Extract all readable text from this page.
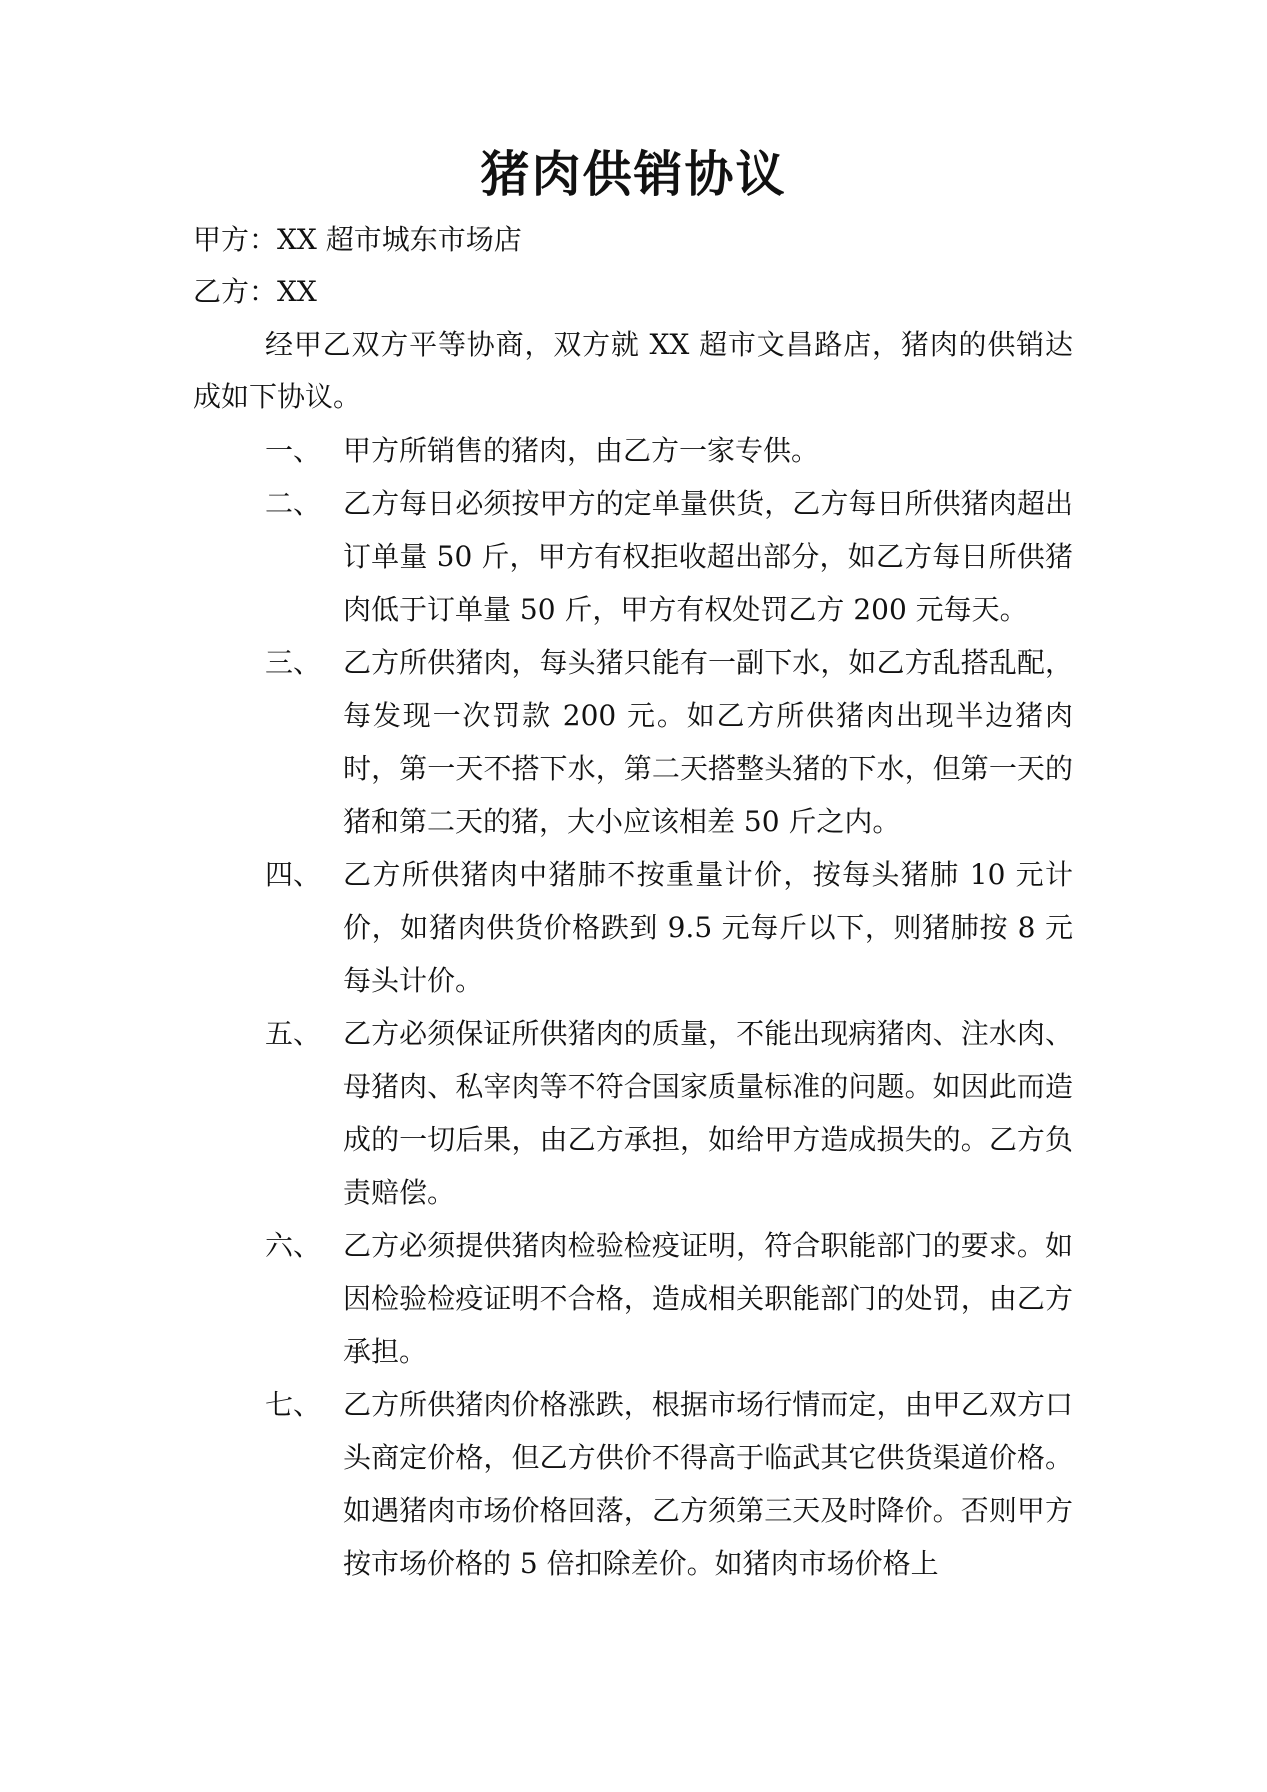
猪肉供销协议
甲方：XX 超市城东市场店
乙方：XX

经甲乙双方平等协商，双方就 XX 超市文昌路店，猪肉的供销达成如下协议。

一、 甲方所销售的猪肉，由乙方一家专供。
二、 乙方每日必须按甲方的定单量供货，乙方每日所供猪肉超出订单量 50 斤，甲方有权拒收超出部分，如乙方每日所供猪肉低于订单量 50 斤，甲方有权处罚乙方 200 元每天。
三、 乙方所供猪肉，每头猪只能有一副下水，如乙方乱搭乱配，每发现一次罚款 200 元。如乙方所供猪肉出现半边猪肉时，第一天不搭下水，第二天搭整头猪的下水，但第一天的猪和第二天的猪，大小应该相差 50 斤之内。
四、 乙方所供猪肉中猪肺不按重量计价，按每头猪肺 10 元计价，如猪肉供货价格跌到 9.5 元每斤以下，则猪肺按 8 元每头计价。
五、 乙方必须保证所供猪肉的质量，不能出现病猪肉、注水肉、母猪肉、私宰肉等不符合国家质量标准的问题。如因此而造成的一切后果，由乙方承担，如给甲方造成损失的。乙方负责赔偿。
六、 乙方必须提供猪肉检验检疫证明，符合职能部门的要求。如因检验检疫证明不合格，造成相关职能部门的处罚，由乙方承担。
七、 乙方所供猪肉价格涨跌，根据市场行情而定，由甲乙双方口头商定价格，但乙方供价不得高于临武其它供货渠道价格。如遇猪肉市场价格回落，乙方须第三天及时降价。否则甲方按市场价格的 5 倍扣除差价。如猪肉市场价格上
